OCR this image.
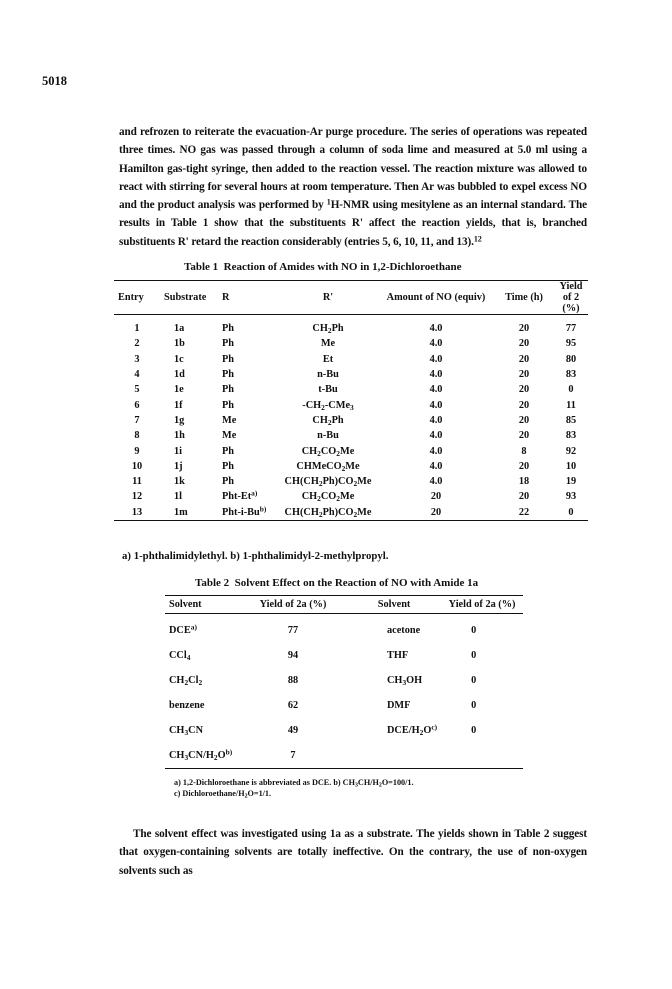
5018
and refrozen to reiterate the evacuation-Ar purge procedure. The series of operations was repeated three times. NO gas was passed through a column of soda lime and measured at 5.0 ml using a Hamilton gas-tight syringe, then added to the reaction vessel. The reaction mixture was allowed to react with stirring for several hours at room temperature. Then Ar was bubbled to expel excess NO and the product analysis was performed by $^1$H-NMR using mesitylene as an internal standard. The results in Table 1 show that the substituents R' affect the reaction yields, that is, branched substituents R' retard the reaction considerably (entries 5, 6, 10, 11, and 13).$^{12}$
Table 1 Reaction of Amides with NO in 1,2-Dichloroethane
Entry	Substrate	R	R'	Amount of NO (equiv)	Time (h)	Yield of 2 (%)
1	1a	Ph	$CH_2Ph$	4.0	20	77
2	1b	Ph	Me	4.0	20	95
3	1c	Ph	Et	4.0	20	80
4	1d	Ph	n-Bu	4.0	20	83
5	1e	Ph	t-Bu	4.0	20	0
6	1f	Ph	$-CH_2-CMe_3$	4.0	20	11
7	1g	Me	$CH_2Ph$	4.0	20	85
8	1h	Me	n-Bu	4.0	20	83
9	1i	Ph	$CH_2CO_2Me$	4.0	8	92
10	1j	Ph	CHMeCO$_2$Me	4.0	20	10
11	1k	Ph	$CH(CH_2Ph)CO_2Me$	4.0	18	19
12	1l	Pht-Et$^{a)}$	$CH_2CO_2Me$	20	20	93
13	1m	Pht-i-Bu$^{b)}$	$CH(CH_2Ph)CO_2Me$	20	22	0
a) 1-phthalimidylethyl. b) 1-phthalimidyl-2-methylpropyl.
Table 2 Solvent Effect on the Reaction of NO with Amide 1a
Solvent	Yield of 2a (%)	Solvent	Yield of 2a (%)
DCE$^{a)}$	77	acetone	0
CCl$_4$	94	THF	0
$CH_2Cl_2$	88	$CH_3OH$	0
benzene	62	DMF	0
$CH_3CN$	49	DCE/$H_2O^{c)}$	0
$CH_3CN/H_2O^{b)}$	7		
a) 1,2-Dichloroethane is abbreviated as DCE. b) $CH_3CH/H_2O=100/1$.
c) Dichloroethane/$H_2O=1/1$.
The solvent effect was investigated using 1a as a substrate. The yields shown in Table 2 suggest that oxygen-containing solvents are totally ineffective. On the contrary, the use of non-oxygen solvents such as
